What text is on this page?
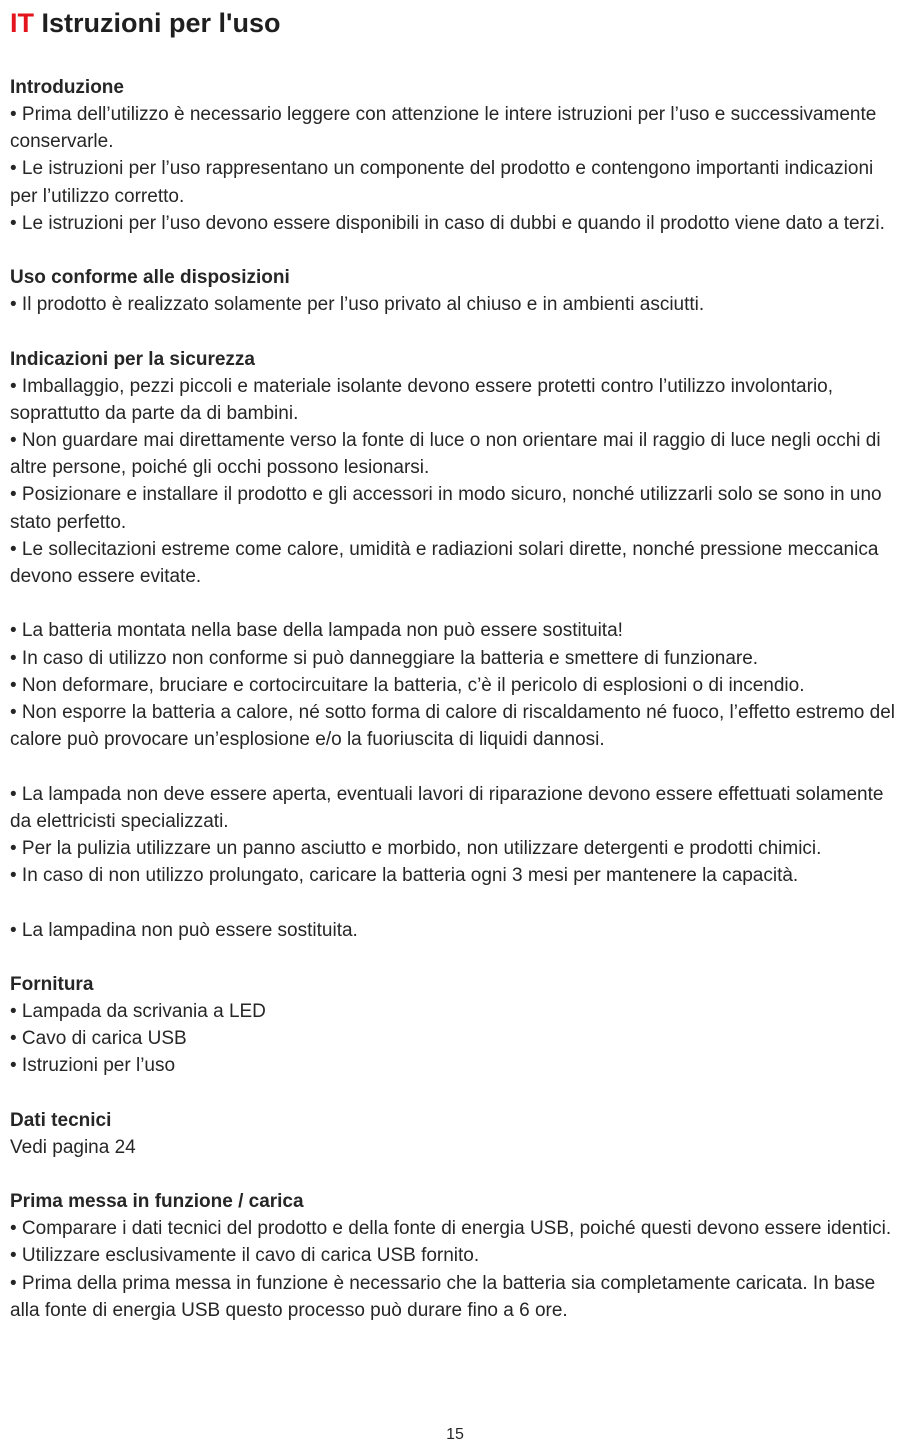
IT Istruzioni per l'uso
Introduzione

• Prima dell’utilizzo è necessario leggere con attenzione le intere istruzioni per l’uso e successivamente conservarle.

• Le istruzioni per l’uso rappresentano un componente del prodotto e contengono importanti indicazioni per l’utilizzo corretto.

• Le istruzioni per l’uso devono essere disponibili in caso di dubbi e quando il prodotto viene dato a terzi.

Uso conforme alle disposizioni

• Il prodotto è realizzato solamente per l’uso privato al chiuso e in ambienti asciutti.

Indicazioni per la sicurezza

• Imballaggio, pezzi piccoli e materiale isolante devono essere protetti contro l’utilizzo involontario, soprattutto da parte da di bambini.

• Non guardare mai direttamente verso la fonte di luce o non orientare mai il raggio di luce negli occhi di altre persone, poiché gli occhi possono lesionarsi.

• Posizionare e installare il prodotto e gli accessori in modo sicuro, nonché utilizzarli solo se sono in uno stato perfetto.

• Le sollecitazioni estreme come calore, umidità e radiazioni solari dirette, nonché pressione meccanica devono essere evitate.

• La batteria montata nella base della lampada non può essere sostituita!

• In caso di utilizzo non conforme si può danneggiare la batteria e smettere di funzionare.

• Non deformare, bruciare e cortocircuitare la batteria, c’è il pericolo di esplosioni o di incendio.

• Non esporre la batteria a calore, né sotto forma di calore di riscaldamento né fuoco, l’effetto estremo del calore può provocare un’esplosione e/o la fuoriuscita di liquidi dannosi.

• La lampada non deve essere aperta, eventuali lavori di riparazione devono essere effettuati solamente da elettricisti specializzati.

• Per la pulizia utilizzare un panno asciutto e morbido, non utilizzare detergenti e prodotti chimici.

• In caso di non utilizzo prolungato, caricare la batteria ogni 3 mesi per mantenere la capacità.

• La lampadina non può essere sostituita.

Fornitura

• Lampada da scrivania a LED

• Cavo di carica USB

• Istruzioni per l’uso

Dati tecnici

Vedi pagina 24

Prima messa in funzione / carica

• Comparare i dati tecnici del prodotto e della fonte di energia USB, poiché questi devono essere identici.

• Utilizzare esclusivamente il cavo di carica USB fornito.

• Prima della prima messa in funzione è necessario che la batteria sia completamente caricata. In base alla fonte di energia USB questo processo può durare fino a 6 ore.

15
